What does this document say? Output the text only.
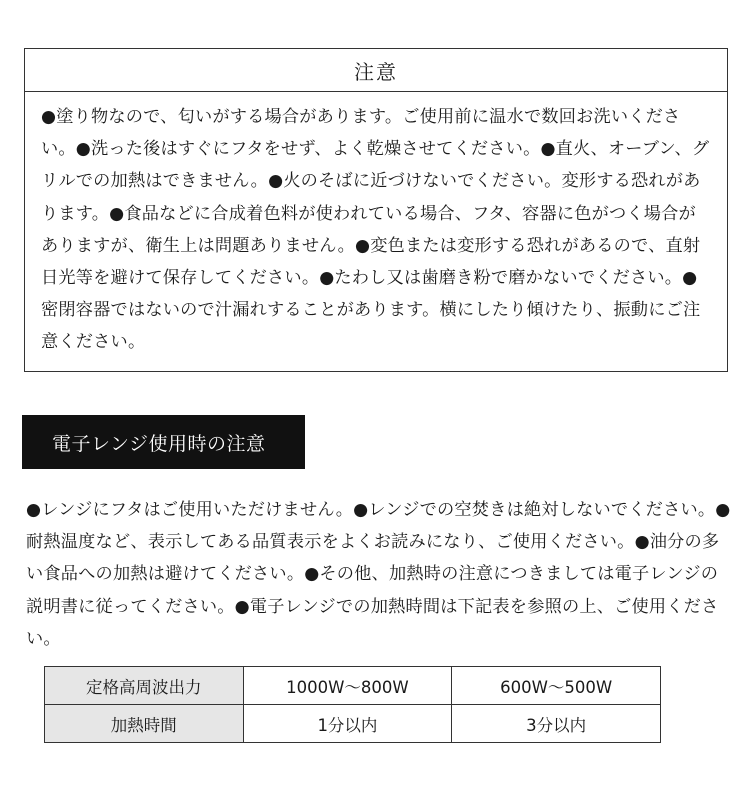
注意
●塗り物なので、匂いがする場合があります。ご使用前に温水で数回お洗いください。●洗った後はすぐにフタをせず、よく乾燥させてください。●直火、オーブン、グリルでの加熱はできません。●火のそばに近づけないでください。変形する恐れがあります。●食品などに合成着色料が使われている場合、フタ、容器に色がつく場合がありますが、衛生上は問題ありません。●変色または変形する恐れがあるので、直射日光等を避けて保存してください。●たわし又は歯磨き粉で磨かないでください。●密閉容器ではないので汁漏れすることがあります。横にしたり傾けたり、振動にご注意ください。
電子レンジ使用時の注意
●レンジにフタはご使用いただけません。●レンジでの空焚きは絶対しないでください。●耐熱温度など、表示してある品質表示をよくお読みになり、ご使用ください。●油分の多い食品への加熱は避けてください。●その他、加熱時の注意につきましては電子レンジの説明書に従ってください。●電子レンジでの加熱時間は下記表を参照の上、ご使用ください。
定格高周波出力	1000W〜800W	600W〜500W
加熱時間	1分以内	3分以内
